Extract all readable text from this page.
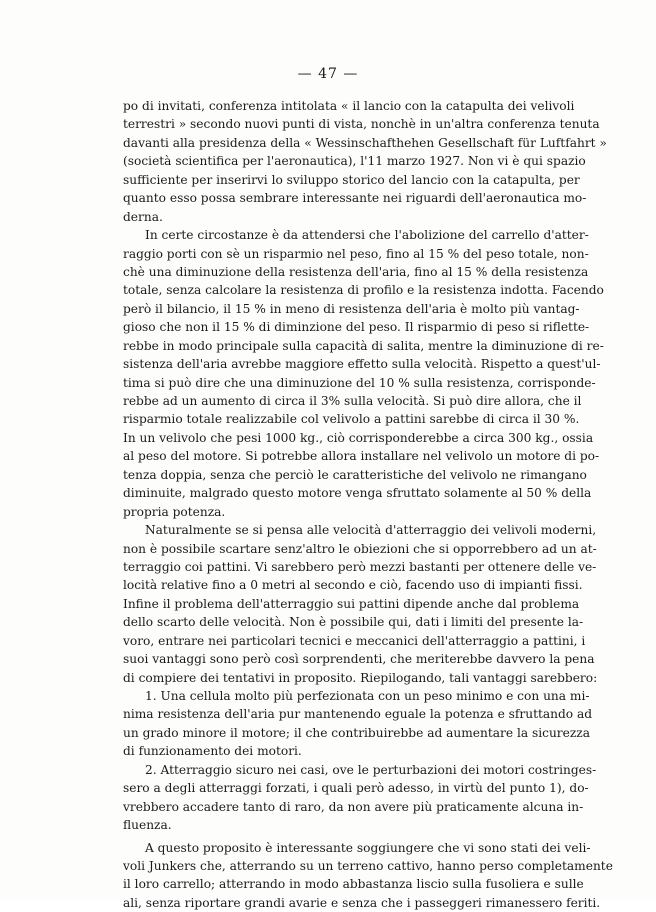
— 47 —
po di invitati, conferenza intitolata « il lancio con la catapulta dei velivoli
terrestri » secondo nuovi punti di vista, nonchè in un'altra conferenza tenuta
davanti alla presidenza della « Wessinschafthehen Gesellschaft für Luftfahrt »
(società scientifica per l'aeronautica), l'11 marzo 1927. Non vi è qui spazio
sufficiente per inserirvi lo sviluppo storico del lancio con la catapulta, per
quanto esso possa sembrare interessante nei riguardi dell'aeronautica mo-
derna.
In certe circostanze è da attendersi che l'abolizione del carrello d'atter-
raggio porti con sè un risparmio nel peso, fino al 15 % del peso totale, non-
chè una diminuzione della resistenza dell'aria, fino al 15 % della resistenza
totale, senza calcolare la resistenza di profilo e la resistenza indotta. Facendo
però il bilancio, il 15 % in meno di resistenza dell'aria è molto più vantag-
gioso che non il 15 % di diminzione del peso. Il risparmio di peso si riflette-
rebbe in modo principale sulla capacità di salita, mentre la diminuzione di re-
sistenza dell'aria avrebbe maggiore effetto sulla velocità. Rispetto a quest'ul-
tima si può dire che una diminuzione del 10 % sulla resistenza, corrisponde-
rebbe ad un aumento di circa il 3% sulla velocità. Si può dire allora, che il
risparmio totale realizzabile col velivolo a pattini sarebbe di circa il 30 %.
In un velivolo che pesi 1000 kg., ciò corrisponderebbe a circa 300 kg., ossia
al peso del motore. Si potrebbe allora installare nel velivolo un motore di po-
tenza doppia, senza che perciò le caratteristiche del velivolo ne rimangano
diminuite, malgrado questo motore venga sfruttato solamente al 50 % della
propria potenza.
Naturalmente se si pensa alle velocità d'atterraggio dei velivoli moderni,
non è possibile scartare senz'altro le obiezioni che si opporrebbero ad un at-
terraggio coi pattini. Vi sarebbero però mezzi bastanti per ottenere delle ve-
locità relative fino a 0 metri al secondo e ciò, facendo uso di impianti fissi.
Infine il problema dell'atterraggio sui pattini dipende anche dal problema
dello scarto delle velocità. Non è possibile qui, dati i limiti del presente la-
voro, entrare nei particolari tecnici e meccanici dell'atterraggio a pattini, i
suoi vantaggi sono però così sorprendenti, che meriterebbe davvero la pena
di compiere dei tentativi in proposito. Riepilogando, tali vantaggi sarebbero:
1. Una cellula molto più perfezionata con un peso minimo e con una mi-
nima resistenza dell'aria pur mantenendo eguale la potenza e sfruttando ad
un grado minore il motore; il che contribuirebbe ad aumentare la sicurezza
di funzionamento dei motori.
2. Atterraggio sicuro nei casi, ove le perturbazioni dei motori costringes-
sero a degli atterraggi forzati, i quali però adesso, in virtù del punto 1), do-
vrebbero accadere tanto di raro, da non avere più praticamente alcuna in-
fluenza.
A questo proposito è interessante soggiungere che vi sono stati dei veli-
voli Junkers che, atterrando su un terreno cattivo, hanno perso completamente
il loro carrello; atterrando in modo abbastanza liscio sulla fusoliera e sulle
ali, senza riportare grandi avarie e senza che i passeggeri rimanessero feriti.
